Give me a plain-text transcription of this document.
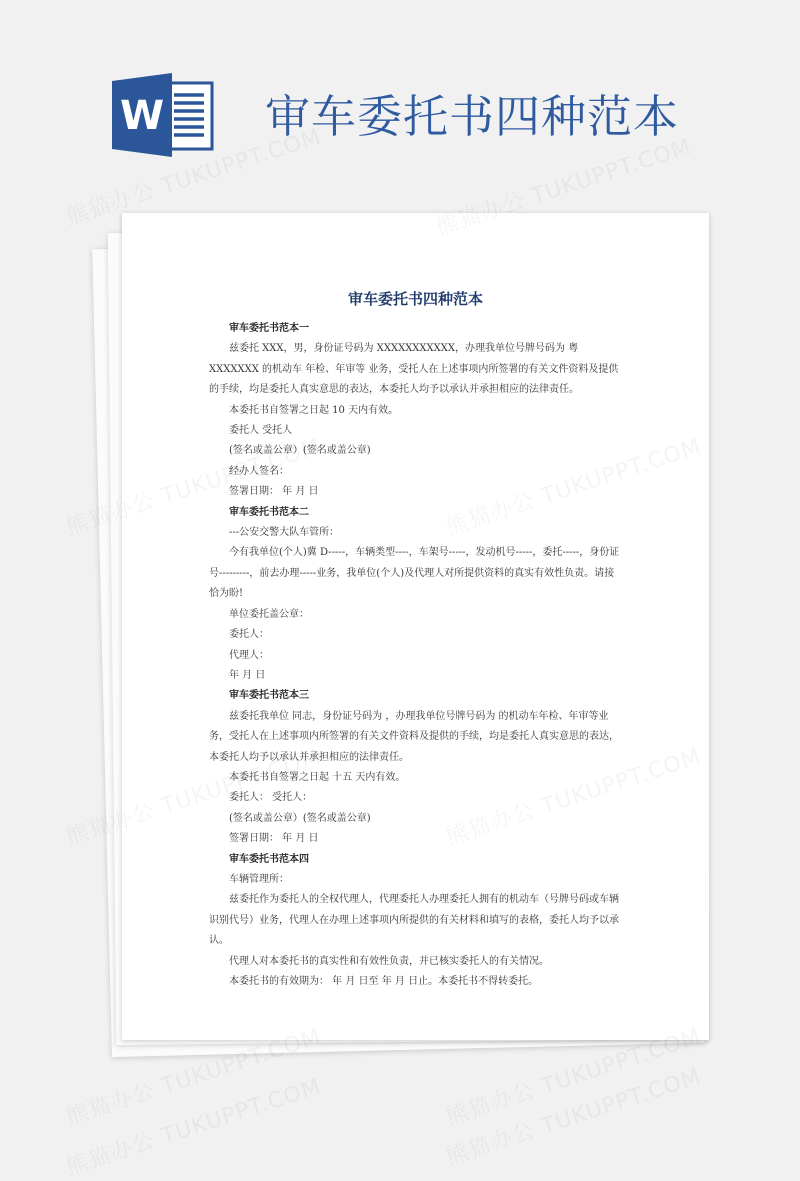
W 审车委托书四种范本
审车委托书四种范本

审车委托书范本一

兹委托 XXX，男，身份证号码为 XXXXXXXXXXX，办理我单位号牌号码为 粤 XXXXXXX 的机动车 年检、年审等 业务，受托人在上述事项内所签署的有关文件资料及提供的手续，均是委托人真实意思的表达，本委托人均予以承认并承担相应的法律责任。

本委托书自签署之日起 10 天内有效。

委托人 受托人

(签名或盖公章）(签名或盖公章)

经办人签名：

签署日期： 年 月 日

审车委托书范本二

---公安交警大队车管所：

今有我单位(个人)冀 D-----，车辆类型----，车架号-----，发动机号-----，委托-----，身份证号---------，前去办理-----业务，我单位(个人)及代理人对所提供资料的真实有效性负责。请接恰为盼!

单位委托盖公章：

委托人：

代理人：

年 月 日

审车委托书范本三

兹委托我单位 同志，身份证号码为 ，办理我单位号牌号码为 的机动车年检、年审等业务，受托人在上述事项内所签署的有关文件资料及提供的手续，均是委托人真实意思的表达，本委托人均予以承认并承担相应的法律责任。

本委托书自签署之日起 十五 天内有效。

委托人： 受托人：

(签名或盖公章）(签名或盖公章)

签署日期： 年 月 日

审车委托书范本四

车辆管理所：

兹委托作为委托人的全权代理人，代理委托人办理委托人拥有的机动车（号牌号码或车辆识别代号）业务，代理人在办理上述事项内所提供的有关材料和填写的表格，委托人均予以承认。

代理人对本委托书的真实性和有效性负责，并已核实委托人的有关情况。

本委托书的有效期为： 年 月 日至 年 月 日止。本委托书不得转委托。
